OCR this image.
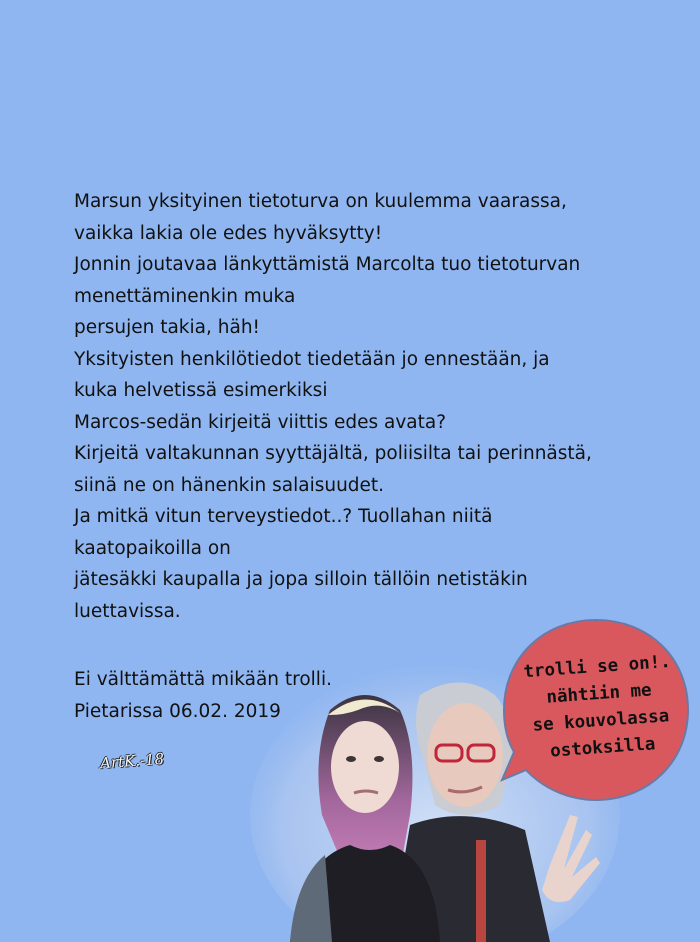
Marsun yksityinen tietoturva on kuulemma vaarassa,
vaikka lakia ole edes hyväksytty!
Jonnin joutavaa länkyttämistä Marcolta tuo tietoturvan
menettäminenkin muka
persujen takia, häh!
Yksityisten henkilötiedot tiedetään jo ennestään, ja
kuka helvetissä esimerkiksi
Marcos-sedän kirjeitä viittis edes avata?
Kirjeitä valtakunnan syyttäjältä, poliisilta tai perinnästä,
siinä ne on hänenkin salaisuudet.
Ja mitkä vitun terveystiedot..? Tuollahan niitä
kaatopaikoilla on
jätesäkki kaupalla ja jopa silloin tällöin netistäkin
luettavissa.
Ei välttämättä mikään trolli.
Pietarissa 06.02. 2019
ArtK.-18
trolli se on!.
nähtiin me
se kouvolassa
ostoksilla
